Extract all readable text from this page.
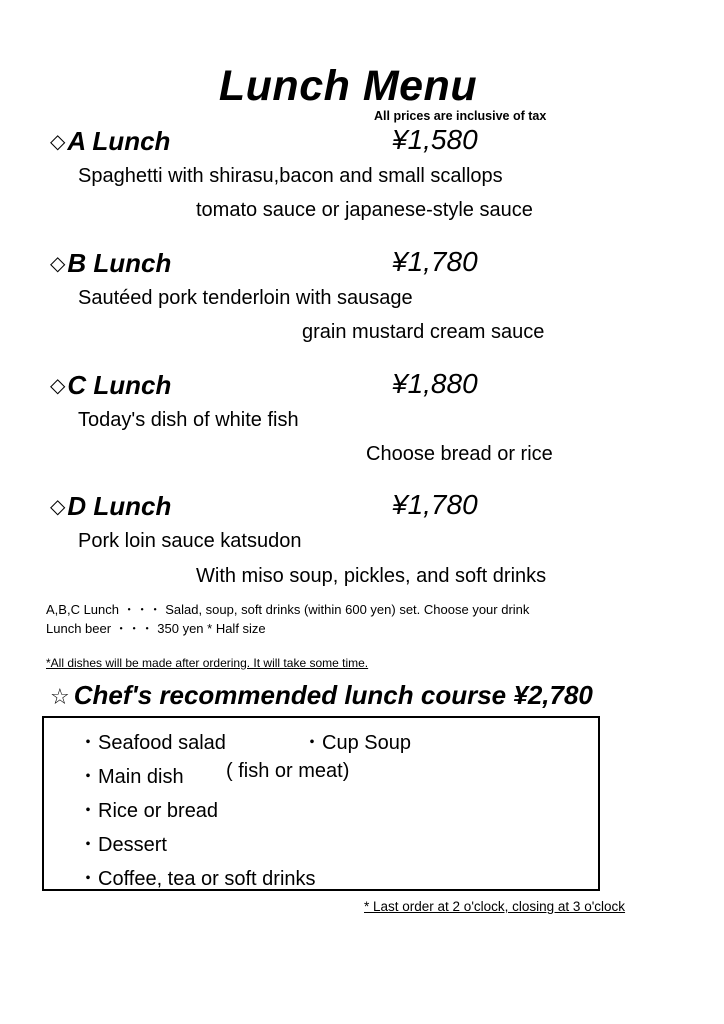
Lunch Menu
All prices are inclusive of tax
◇A Lunch	¥1,580
Spaghetti with shirasu,bacon and small scallops
tomato sauce or japanese-style sauce
◇B Lunch	¥1,780
Sautéed pork tenderloin with sausage
grain mustard cream sauce
◇C Lunch	¥1,880
Today's dish of white fish
Choose bread or rice
◇D Lunch	¥1,780
Pork loin sauce katsudon
With miso soup, pickles, and soft drinks
A,B,C Lunch ・・・ Salad, soup, soft drinks (within 600 yen) set. Choose your drink
Lunch beer ・・・ 350 yen * Half size
*All dishes will be made after ordering. It will take some time.
☆ Chef's recommended lunch course ¥2,780
・Seafood salad	・Cup Soup
・Main dish ( fish or meat)
・Rice or bread
・Dessert
・Coffee, tea or soft drinks
* Last order at 2 o'clock, closing at 3 o'clock
